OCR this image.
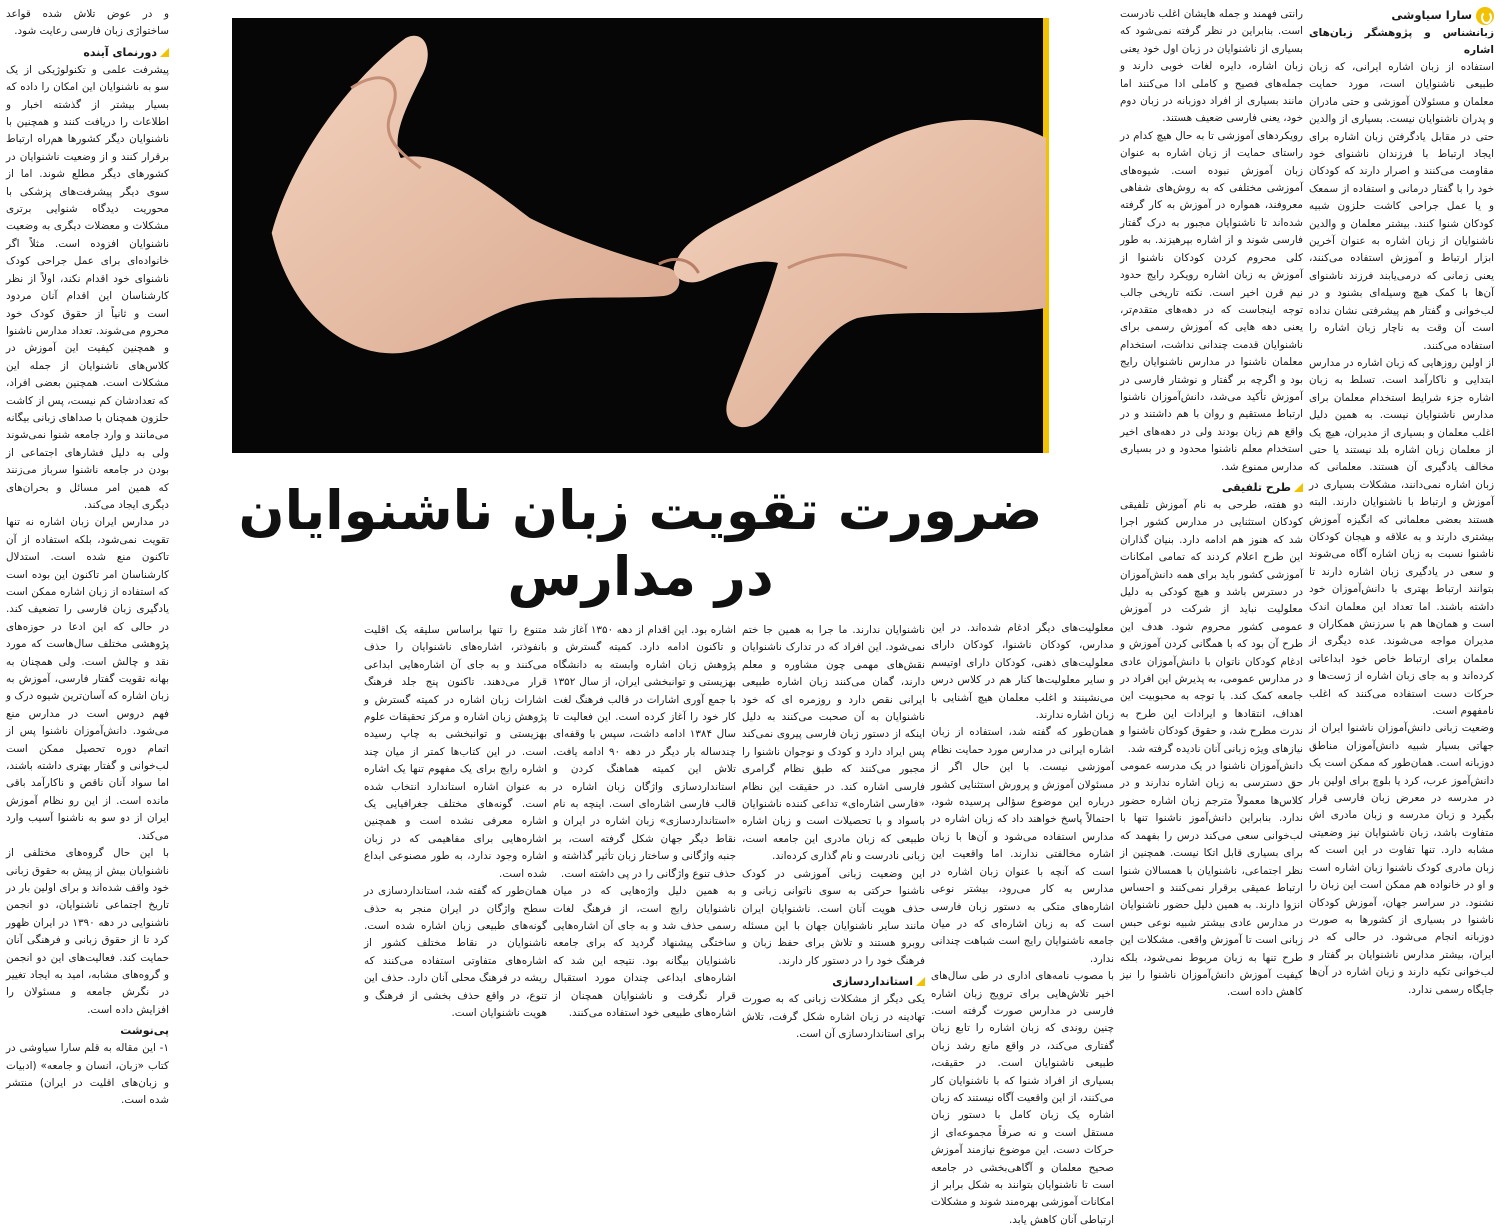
سارا سیاوشی
زبانشناس و پژوهشگر زبان‌های اشاره

استفاده از زبان اشاره ایرانی، که زبان طبیعی ناشنوایان است، مورد حمایت معلمان و مسئولان آموزشی و حتی مادران و پدران ناشنوایان نیست. بسیاری از والدین حتی در مقابل یادگرفتن زبان اشاره برای ایجاد ارتباط با فرزندان ناشنوای خود مقاومت می‌کنند و اصرار دارند که کودکان خود را با گفتار درمانی و استفاده از سمعک و یا عمل جراحی کاشت حلزون شبیه کودکان شنوا کنند. بیشتر معلمان و والدین ناشنوایان از زبان اشاره به عنوان آخرین ابزار ارتباط و آموزش استفاده می‌کنند، یعنی زمانی که درمی‌یابند فرزند ناشنوای آن‌ها با کمک هیچ وسیله‌ای بشنود و در لب‌خوانی و گفتار هم پیشرفتی نشان نداده است آن وقت به ناچار زبان اشاره را استفاده می‌کنند.

از اولین روزهایی که زبان اشاره در مدارس ابتدایی و ناکارآمد است. تسلط به زبان اشاره جزء شرایط استخدام معلمان برای مدارس ناشنوایان نیست. به همین دلیل اغلب معلمان و بسیاری از مدیران، هیچ یک از معلمان زبان اشاره بلد نیستند یا حتی مخالف یادگیری آن هستند. معلمانی که زبان اشاره نمی‌دانند، مشکلات بسیاری در آموزش و ارتباط با ناشنوایان دارند. البته هستند بعضی معلمانی که انگیزه آموزش بیشتری دارند و به علاقه و هیجان کودکان ناشنوا نسبت به زبان اشاره آگاه می‌شوند و سعی در یادگیری زبان اشاره دارند تا بتوانند ارتباط بهتری با دانش‌آموزان خود داشته باشند. اما تعداد این معلمان اندک است و همان‌ها هم با سرزنش همکاران و مدیران مواجه می‌شوند. عده دیگری از معلمان برای ارتباط خاص خود ابداعاتی کرده‌اند و به جای زبان اشاره از ژست‌ها و حرکات دست استفاده می‌کنند که اغلب نامفهوم است.

وضعیت زبانی دانش‌آموزان ناشنوا ایران از جهاتی بسیار شبیه دانش‌آموزان مناطق دوزبانه است. همان‌طور که ممکن است یک دانش‌آموز عرب، کرد یا بلوچ برای اولین بار در مدرسه در معرض زبان فارسی قرار بگیرد و زبان مدرسه و زبان مادری اش متفاوت باشد، زبان ناشنوایان نیز وضعیتی مشابه دارد. تنها تفاوت در این است که زبان مادری کودک ناشنوا زبان اشاره است و او در خانواده هم ممکن است این زبان را نشنود. در سراسر جهان، آموزش کودکان ناشنوا در بسیاری از کشورها به صورت دوزبانه انجام می‌شود. در حالی که در ایران، بیشتر مدارس ناشنوایان بر گفتار و لب‌خوانی تکیه دارند و زبان اشاره در آن‌ها جایگاه رسمی ندارد.

رانتی فهمند و جمله هایشان اغلب نادرست است. بنابراین در نظر گرفته نمی‌شود که بسیاری از ناشنوایان در زبان اول خود یعنی زبان اشاره، دایره لغات خوبی دارند و جمله‌های فصیح و کاملی ادا می‌کنند اما مانند بسیاری از افراد دوزبانه در زبان دوم خود، یعنی فارسی ضعیف هستند.

رویکردهای آموزشی تا به حال هیچ کدام در راستای حمایت از زبان اشاره به عنوان زبان آموزش نبوده است. شیوه‌های آموزشی مختلفی که به روش‌های شفاهی معروفند، همواره در آموزش به کار گرفته شده‌اند تا ناشنوایان مجبور به درک گفتار فارسی شوند و از اشاره بپرهیزند. به طور کلی محروم کردن کودکان ناشنوا از آموزش به زبان اشاره رویکرد رایج حدود نیم قرن اخیر است. نکته تاریخی جالب توجه اینجاست که در دهه‌های متقدم‌تر، یعنی دهه هایی که آموزش رسمی برای ناشنوایان قدمت چندانی نداشت، استخدام معلمان ناشنوا در مدارس ناشنوایان رایج بود و اگرچه بر گفتار و نوشتار فارسی در آموزش تأکید می‌شد، دانش‌آموزان ناشنوا ارتباط مستقیم و روان با هم داشتند و در واقع هم زبان بودند ولی در دهه‌های اخیر استخدام معلم ناشنوا محدود و در بسیاری مدارس ممنوع شد.

طرح تلفیقی

دو هفته، طرحی به نام آموزش تلفیقی کودکان استثنایی در مدارس کشور اجرا شد که هنوز هم ادامه دارد. بنیان گذاران این طرح اعلام کردند که تمامی امکانات آموزشی کشور باید برای همه دانش‌آموزان در دسترس باشد و هیچ کودکی به دلیل معلولیت نباید از شرکت در آموزش عمومی کشور محروم شود. هدف این طرح آن بود که با همگانی کردن آموزش و ادغام کودکان ناتوان با دانش‌آموزان عادی در مدارس عمومی، به پذیرش این افراد در جامعه کمک کند. با توجه به محبوبیت این اهداف، انتقادها و ایرادات این طرح به ندرت مطرح شد، و حقوق کودکان ناشنوا و نیازهای ویژه زبانی آنان نادیده گرفته شد.

دانش‌آموزان ناشنوا در یک مدرسه عمومی حق دسترسی به زبان اشاره ندارند و در کلاس‌ها معمولاً مترجم زبان اشاره حضور ندارد. بنابراین دانش‌آموز ناشنوا تنها با لب‌خوانی سعی می‌کند درس را بفهمد که برای بسیاری قابل اتکا نیست. همچنین از نظر اجتماعی، ناشنوایان با همسالان شنوا ارتباط عمیقی برقرار نمی‌کنند و احساس انزوا دارند. به همین دلیل حضور ناشنوایان در مدارس عادی بیشتر شبیه نوعی حبس زبانی است تا آموزش واقعی. مشکلات این طرح تنها به زبان مربوط نمی‌شود، بلکه کیفیت آموزش دانش‌آموزان ناشنوا را نیز کاهش داده است.

معلولیت‌های دیگر ادغام شده‌اند. در این مدارس، کودکان ناشنوا، کودکان دارای معلولیت‌های ذهنی، کودکان دارای اوتیسم و سایر معلولیت‌ها کنار هم در کلاس درس می‌نشینند و اغلب معلمان هیچ آشنایی با زبان اشاره ندارند.

همان‌طور که گفته شد، استفاده از زبان اشاره ایرانی در مدارس مورد حمایت نظام آموزشی نیست. با این حال اگر از مسئولان آموزش و پرورش استثنایی کشور درباره این موضوع سؤالی پرسیده شود، احتمالاً پاسخ خواهند داد که زبان اشاره در مدارس استفاده می‌شود و آن‌ها با زبان اشاره مخالفتی ندارند. اما واقعیت این است که آنچه با عنوان زبان اشاره در مدارس به کار می‌رود، بیشتر نوعی اشاره‌های متکی به دستور زبان فارسی است که به زبان اشاره‌ای که در میان جامعه ناشنوایان رایج است شباهت چندانی ندارد.

با مصوب نامه‌های اداری در طی سال‌های اخیر تلاش‌هایی برای ترویج زبان اشاره فارسی در مدارس صورت گرفته است. چنین روندی که زبان اشاره را تابع زبان گفتاری می‌کند، در واقع مانع رشد زبان طبیعی ناشنوایان است. در حقیقت، بسیاری از افراد شنوا که با ناشنوایان کار می‌کنند، از این واقعیت آگاه نیستند که زبان اشاره یک زبان کامل با دستور زبان مستقل است و نه صرفاً مجموعه‌ای از حرکات دست. این موضوع نیازمند آموزش صحیح معلمان و آگاهی‌بخشی در جامعه است تا ناشنوایان بتوانند به شکل برابر از امکانات آموزشی بهره‌مند شوند و مشکلات ارتباطی آنان کاهش یابد.

ضرورت تقویت زبان ناشنوایان
در مدارس

ناشنوایان ندارند. ما جرا به همین جا ختم نمی‌شود. این افراد که در تدارک ناشنوایان نقش‌های مهمی چون مشاوره و معلم دارند، گمان می‌کنند زبان اشاره طبیعی ایرانی نقص دارد و روزمره ای که خود ناشنوایان به آن صحبت می‌کنند به دلیل اینکه از دستور زبان فارسی پیروی نمی‌کند پس ایراد دارد و کودک و نوجوان ناشنوا را مجبور می‌کنند که طبق نظام گرامری فارسی اشاره کند. در حقیقت این نظام «فارسی اشاره‌ای» تداعی کننده ناشنوایان باسواد و با تحصیلات است و زبان اشاره طبیعی که زبان مادری این جامعه است، زبانی نادرست و نام گذاری کرده‌اند.

این وضعیت زبانی آموزشی در کودک ناشنوا حرکتی به سوی ناتوانی زبانی و حذف هویت آنان است. ناشنوایان ایران مانند سایر ناشنوایان جهان با این مسئله روبرو هستند و تلاش برای حفظ زبان و فرهنگ خود را در دستور کار دارند.

استانداردسازی

یکی دیگر از مشکلات زبانی که به صورت تهادینه در زبان اشاره شکل گرفت، تلاش برای استانداردسازی آن است.

اشاره بود. این اقدام از دهه ۱۳۵۰ آغاز شد و تاکنون ادامه دارد. کمیته گسترش و پژوهش زبان اشاره وابسته به دانشگاه بهزیستی و توانبخشی ایران، از سال ۱۳۵۲ با جمع آوری اشارات در قالب فرهنگ لغت کار خود را آغاز کرده است. این فعالیت تا سال ۱۳۸۴ ادامه داشت، سپس با وقفه‌ای چندساله بار دیگر در دهه ۹۰ ادامه یافت. تلاش این کمیته هماهنگ کردن و استانداردسازی واژگان زبان اشاره در قالب فارسی اشاره‌ای است. اینچه به نام «استانداردسازی» زبان اشاره در ایران و نقاط دیگر جهان شکل گرفته است، بر جنبه واژگانی و ساختار زبان تأثیر گذاشته و حذف تنوع واژگانی را در پی داشته است.

به همین دلیل واژه‌هایی که در میان ناشنوایان رایج است، از فرهنگ لغات رسمی حذف شد و به جای آن اشاره‌هایی ساختگی پیشنهاد گردید که برای جامعه ناشنوایان بیگانه بود. نتیجه این شد که اشاره‌های ابداعی چندان مورد استقبال قرار نگرفت و ناشنوایان همچنان از اشاره‌های طبیعی خود استفاده می‌کنند.

متنوع را تنها براساس سلیقه یک اقلیت بانفوذتر، اشاره‌های ناشنوایان را حذف می‌کنند و به جای آن اشاره‌هایی ابداعی قرار می‌دهند. تاکنون پنج جلد فرهنگ اشارات زبان اشاره در کمیته گسترش و پژوهش زبان اشاره و مرکز تحقیقات علوم بهزیستی و توانبخشی به چاپ رسیده است. در این کتاب‌ها کمتر از میان چند اشاره رایج برای یک مفهوم تنها یک اشاره به عنوان اشاره استاندارد انتخاب شده است. گونه‌های مختلف جغرافیایی یک اشاره معرفی نشده است و همچنین اشاره‌هایی برای مفاهیمی که در زبان اشاره وجود ندارد، به طور مصنوعی ابداع شده است.

همان‌طور که گفته شد، استانداردسازی در سطح واژگان در ایران منجر به حذف گونه‌های طبیعی زبان اشاره شده است. ناشنوایان در نقاط مختلف کشور از اشاره‌های متفاوتی استفاده می‌کنند که ریشه در فرهنگ محلی آنان دارد. حذف این تنوع، در واقع حذف بخشی از فرهنگ و هویت ناشنوایان است.

و در عوض تلاش شده قواعد ساختواژی زبان فارسی رعایت شود.

دورنمای آینده

پیشرفت علمی و تکنولوژیکی از یک سو به ناشنوایان این امکان را داده که بسیار بیشتر از گذشته اخبار و اطلاعات را دریافت کنند و همچنین با ناشنوایان دیگر کشورها هم‌راه ارتباط برقرار کنند و از وضعیت ناشنوایان در کشورهای دیگر مطلع شوند. اما از سوی دیگر پیشرفت‌های پزشکی با محوریت دیدگاه شنوایی برتری مشکلات و معضلات دیگری به وضعیت ناشنوایان افزوده است. مثلاً اگر خانواده‌ای برای عمل جراحی کودک ناشنوای خود اقدام نکند، اولاً از نظر کارشناسان این اقدام آنان مردود است و ثانیاً از حقوق کودک خود محروم می‌شوند. تعداد مدارس ناشنوا و همچنین کیفیت این آموزش در کلاس‌های ناشنوایان از جمله این مشکلات است. همچنین بعضی افراد، که تعدادشان کم نیست، پس از کاشت حلزون همچنان با صداهای زبانی بیگانه می‌مانند و وارد جامعه شنوا نمی‌شوند ولی به دلیل فشارهای اجتماعی از بودن در جامعه ناشنوا سرباز می‌زنند که همین امر مسائل و بحران‌های دیگری ایجاد می‌کند.

در مدارس ایران زبان اشاره نه تنها تقویت نمی‌شود، بلکه استفاده از آن تاکنون منع شده است. استدلال کارشناسان امر تاکنون این بوده است که استفاده از زبان اشاره ممکن است یادگیری زبان فارسی را تضعیف کند. در حالی که این ادعا در حوزه‌های پژوهشی مختلف سال‌هاست که مورد نقد و چالش است. ولی همچنان به بهانه تقویت گفتار فارسی، آموزش به زبان اشاره که آسان‌ترین شیوه درک و فهم دروس است در مدارس منع می‌شود. دانش‌آموزان ناشنوا پس از اتمام دوره تحصیل ممکن است لب‌خوانی و گفتار بهتری داشته باشند، اما سواد آنان ناقص و ناکارآمد باقی مانده است. از این رو نظام آموزش ایران از دو سو به ناشنوا آسیب وارد می‌کند.

با این حال گروه‌های مختلفی از ناشنوایان بیش از پیش به حقوق زبانی خود واقف شده‌اند و برای اولین بار در تاریخ اجتماعی ناشنوایان، دو انجمن ناشنوایی در دهه ۱۳۹۰ در ایران ظهور کرد تا از حقوق زبانی و فرهنگی آنان حمایت کند. فعالیت‌های این دو انجمن و گروه‌های مشابه، امید به ایجاد تغییر در نگرش جامعه و مسئولان را افزایش داده است.

پی‌نوشت

۱- این مقاله به قلم سارا سیاوشی در کتاب «زبان، انسان و جامعه» (ادبیات و زبان‌های اقلیت در ایران) منتشر شده است.
